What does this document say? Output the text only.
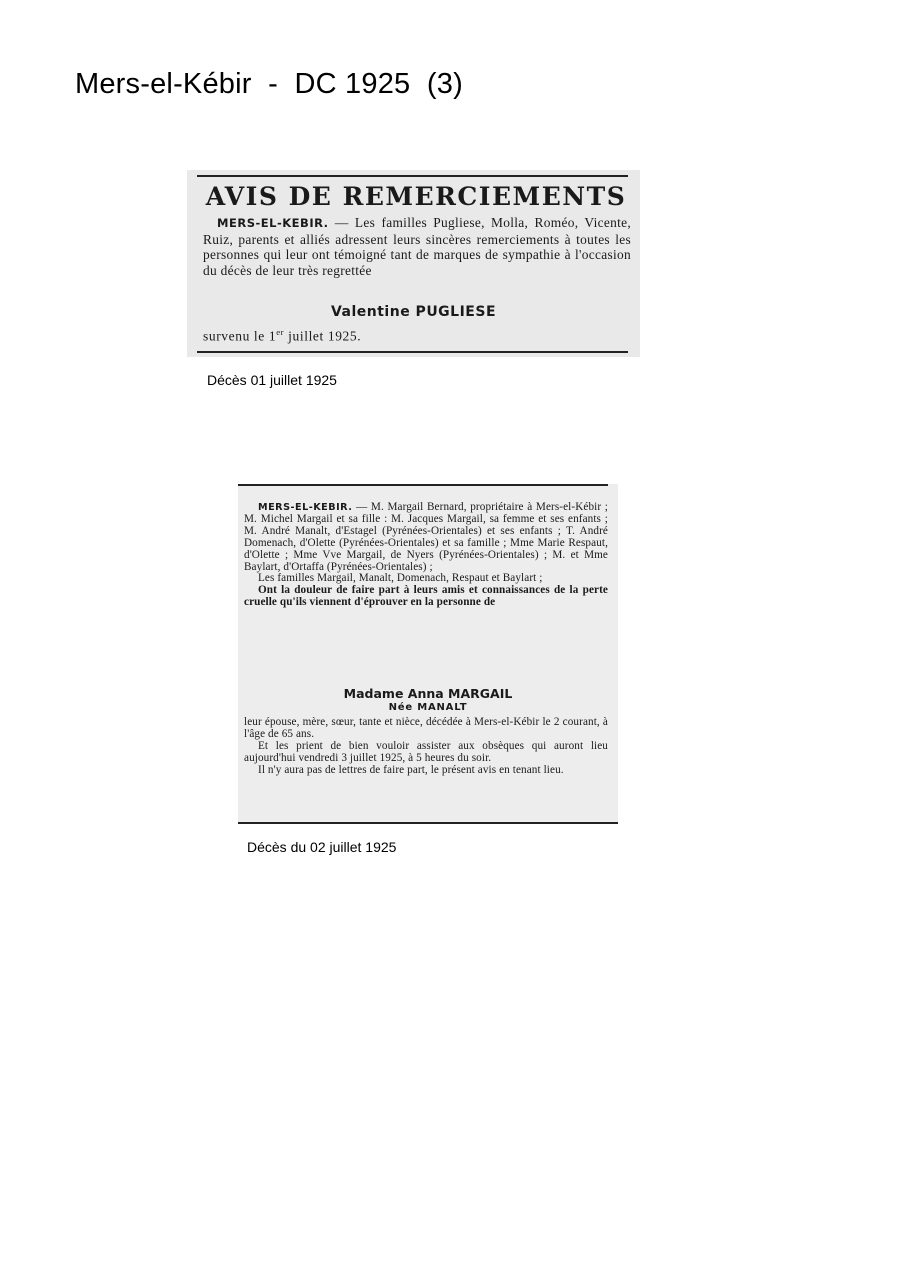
Mers-el-Kébir  -  DC 1925  (3)
AVIS DE REMERCIEMENTS
MERS-EL-KEBIR. — Les familles Pugliese, Molla, Roméo, Vicente, Ruiz, parents et alliés adressent leurs sincères remerciements à toutes les personnes qui leur ont témoigné tant de marques de sympathie à l'occasion du décès de leur très regrettée
Valentine PUGLIESE
survenu le 1er juillet 1925.
Décès 01 juillet 1925
MERS-EL-KEBIR. — M. Margail Bernard, propriétaire à Mers-el-Kébir ; M. Michel Margail et sa fille : M. Jacques Margail, sa femme et ses enfants ; M. André Manalt, d'Estagel (Pyrénées-Orientales) et ses enfants ; T. André Domenach, d'Olette (Pyrénées-Orientales) et sa famille ; Mme Marie Respaut, d'Olette ; Mme Vve Margail, de Nyers (Pyrénées-Orientales) ; M. et Mme Baylart, d'Ortaffa (Pyrénées-Orientales) ;
Les familles Margail, Manalt, Domenach, Respaut et Baylart ;
Ont la douleur de faire part à leurs amis et connaissances de la perte cruelle qu'ils viennent d'éprouver en la personne de
Madame Anna MARGAIL
Née MANALT
leur épouse, mère, sœur, tante et nièce, décédée à Mers-el-Kébir le 2 courant, à l'âge de 65 ans.
Et les prient de bien vouloir assister aux obsèques qui auront lieu aujourd'hui vendredi 3 juillet 1925, à 5 heures du soir.
Il n'y aura pas de lettres de faire part, le présent avis en tenant lieu.
Décès du 02 juillet 1925
